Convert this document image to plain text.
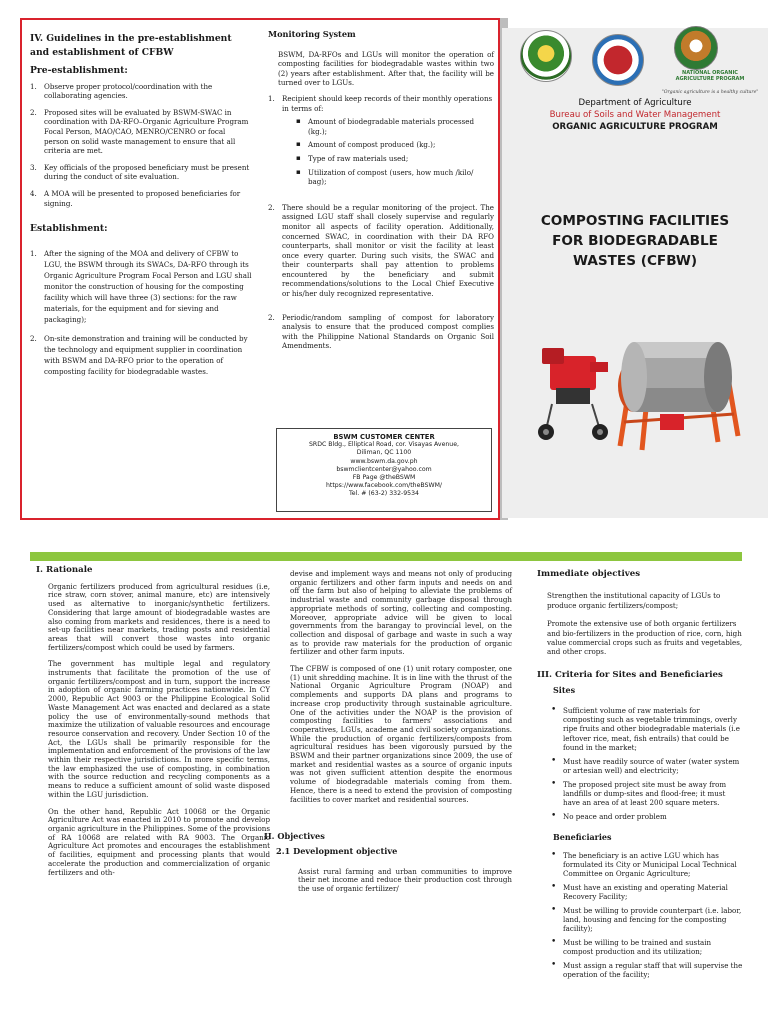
IV. Guidelines in the pre-establishment and establishment of CFBW
Pre-establishment:
1. Observe proper protocol/coordination with the collaborating agencies.
2. Proposed sites will be evaluated by BSWM-SWAC in coordination with DA-RFO–Organic Agriculture Program Focal Person, MAO/CAO, MENRO/CENRO or focal person on solid waste management to ensure that all criteria are met.
3. Key officials of the proposed beneficiary must be present during the conduct of site evaluation.
4. A MOA will be presented to proposed beneficiaries for signing.
Establishment:
1. After the signing of the MOA and delivery of CFBW to LGU, the BSWM through its SWACs, DA-RFO through its Organic Agriculture Program Focal Person and LGU shall monitor the construction of housing for the composting facility which will have three (3) sections: for the raw materials, for the equipment and for sieving and packaging);
2. On-site demonstration and training will be conducted by the technology and equipment supplier in coordination with BSWM and DA-RFO prior to the operation of composting facility for biodegradable wastes.
Monitoring System
BSWM, DA-RFOs and LGUs will monitor the operation of composting facilities for biodegradable wastes within two (2) years after establishment. After that, the facility will be turned over to LGUs.
1. Recipient should keep records of their monthly operations in terms of:
▪ Amount of biodegradable materials processed (kg.);
▪ Amount of compost produced (kg.);
▪ Type of raw materials used;
▪ Utilization of compost (users, how much /kilo/ bag);
2. There should be a regular monitoring of the project. The assigned LGU staff shall closely supervise and regularly monitor all aspects of facility operation. Additionally, concerned SWAC, in coordination with their DA RFO counterparts, shall monitor or visit the facility at least once every quarter. During such visits, the SWAC and their counterparts shall pay attention to problems encountered by the beneficiary and submit recommendations/solutions to the Local Chief Executive or his/her duly recognized representative.
2. Periodic/random sampling of compost for laboratory analysis to ensure that the produced compost complies with the Philippine National Standards on Organic Soil Amendments.
BSWM CUSTOMER CENTER
SRDC Bldg., Elliptical Road, cor. Visayas Avenue,
Diliman, QC 1100
www.bswm.da.gov.ph
bswmclientcenter@yahoo.com
FB Page @theBSWM
https://www.facebook.com/theBSWM/
Tel. # (63-2) 332-9534
NATIONAL ORGANIC AGRICULTURE PROGRAM
"Organic agriculture is a healthy culture"
Department of Agriculture
Bureau of Soils and Water Management
ORGANIC AGRICULTURE PROGRAM
COMPOSTING FACILITIES
FOR BIODEGRADABLE
WASTES (CFBW)
I. Rationale
Organic fertilizers produced from agricultural residues (i.e, rice straw, corn stover, animal manure, etc) are intensively used as alternative to inorganic/synthetic fertilizers. Considering that large amount of biodegradable wastes are also coming from markets and residences, there is a need to set-up facilities near markets, trading posts and residential areas that will convert those wastes into organic fertilizers/compost which could be used by farmers.
The government has multiple legal and regulatory instruments that facilitate the promotion of the use of organic fertilizers/compost and in turn, support the increase in adoption of organic farming practices nationwide. In CY 2000, Republic Act 9003 or the Philippine Ecological Solid Waste Management Act was enacted and declared as a state policy the use of environmentally-sound methods that maximize the utilization of valuable resources and encourage resource conservation and recovery. Under Section 10 of the Act, the LGUs shall be primarily responsible for the implementation and enforcement of the provisions of the law within their respective jurisdictions. In more specific terms, the law emphasized the use of composting, in combination with the source reduction and recycling components as a means to reduce a sufficient amount of solid waste disposed within the LGU jurisdiction.
On the other hand, Republic Act 10068 or the Organic Agriculture Act was enacted in 2010 to promote and develop organic agriculture in the Philippines. Some of the provisions of RA 10068 are related with RA 9003. The Organic Agriculture Act promotes and encourages the establishment of facilities, equipment and processing plants that would accelerate the production and commercialization of organic fertilizers and oth-
devise and implement ways and means not only of producing organic fertilizers and other farm inputs and needs on and off the farm but also of helping to alleviate the problems of industrial waste and community garbage disposal through appropriate methods of sorting, collecting and composting. Moreover, appropriate advice will be given to local governments from the barangay to provincial level, on the collection and disposal of garbage and waste in such a way as to provide raw materials for the production of organic fertilizer and other farm inputs.
The CFBW is composed of one (1) unit rotary composter, one (1) unit shredding machine. It is in line with the thrust of the National Organic Agriculture Program (NOAP) and complements and supports DA plans and programs to increase crop productivity through sustainable agriculture. One of the activities under the NOAP is the provision of composting facilities to farmers' associations and cooperatives, LGUs, academe and civil society organizations. While the production of organic fertilizers/composts from agricultural residues has been vigorously pursued by the BSWM and their partner organizations since 2009, the use of market and residential wastes as a source of organic inputs was not given sufficient attention despite the enormous volume of biodegradable materials coming from them. Hence, there is a need to extend the provision of composting facilities to cover market and residential sources.
II. Objectives
2.1 Development objective
Assist rural farming and urban communities to improve their net income and reduce their production cost through the use of organic fertilizer/
Immediate objectives
Strengthen the institutional capacity of LGUs to produce organic fertilizers/compost;
Promote the extensive use of both organic fertilizers and bio-fertilizers in the production of rice, corn, high value commercial crops such as fruits and vegetables, and other crops.
III. Criteria for Sites and Beneficiaries
Sites
• Sufficient volume of raw materials for composting such as vegetable trimmings, overly ripe fruits and other biodegradable materials (i.e leftover rice, meat, fish entrails) that could be found in the market;
• Must have readily source of water (water system or artesian well) and electricity;
• The proposed project site must be away from landfills or dump-sites and flood-free; it must have an area of at least 200 square meters.
• No peace and order problem
Beneficiaries
• The beneficiary is an active LGU which has formulated its City or Municipal Local Technical Committee on Organic Agriculture;
• Must have an existing and operating Material Recovery Facility;
• Must be willing to provide counterpart (i.e. labor, land, housing and fencing for the composting facility);
• Must be willing to be trained and sustain compost production and its utilization;
• Must assign a regular staff that will supervise the operation of the facility;
